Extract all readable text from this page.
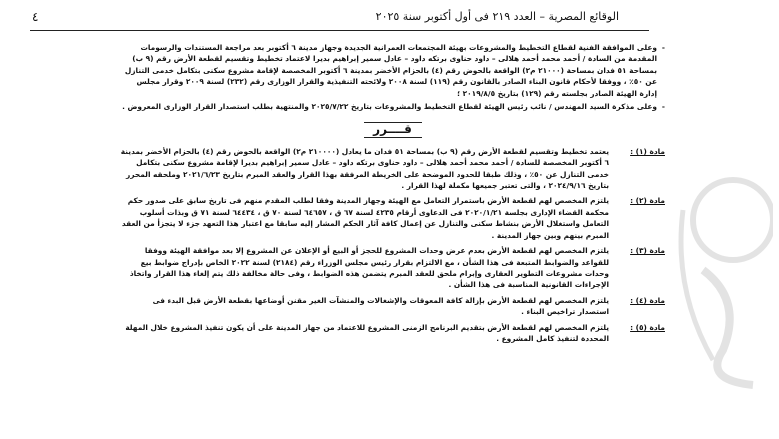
٤	الوقائع المصرية – العدد ٢١٩ فى أول أكتوبر سنة ٢٠٢٥

- وعلى الموافقة الفنية لقطاع التخطيط والمشروعات بهيئة المجتمعات العمرانية الجديدة وجهاز مدينة ٦ أكتوبر بعد مراجعة المستندات والرسومات المقدمة من السادة / أحمد محمد أحمد هلالى – داود حناوى برتكه داود – عادل سمير إبراهيم بديرا لاعتماد تخطيط وتقسيم لقطعة الأرض رقم (٩ ب) بمساحة ٥١ فدان بمساحة (٢١٠٠٠ م٢) الواقعة بالحوض رقم (٤) بالحزام الأخضر بمدينة ٦ أكتوبر المخصصة لإقامة مشروع سكنى بتكامل خدمى التنازل عن ٥٠٪ ، ووفقا لأحكام قانون البناء الصادر بالقانون رقم (١١٩) لسنة ٢٠٠٨ ولائحته التنفيذية والقرار الوزارى رقم (٢٣٢) لسنة ٢٠٠٩ وقرار مجلس إدارة الهيئة الصادر بجلسته رقم (١٢٩) بتاريخ ٢٠١٩/٨/٥ ؛

- وعلى مذكرة السيد المهندس / نائب رئيس الهيئة لقطاع التخطيط والمشروعات بتاريخ ٢٠٢٥/٧/٢٢ والمنتهية بطلب استصدار القرار الوزارى المعروض .

قــــرر
مادة (١) :
يعتمد تخطيط وتقسيم لقطعة الأرض رقم (٩ ب) بمساحة ٥١ فدان ما يعادل (٢١٠٠٠٠ م٢) الواقعة بالحوض رقم (٤) بالحزام الأخضر بمدينة ٦ أكتوبر المخصصة للسادة / أحمد محمد أحمد هلالى – داود حناوى برتكه داود – عادل سمير إبراهيم بديرا لإقامة مشروع سكنى بتكامل خدمى التنازل عن ٥٠٪ ، وذلك طبقا للحدود الموضحة على الخريطة المرفقة بهذا القرار والعقد المبرم بتاريخ ٢٠٢١/٦/٢٣ وملحقه المحرر بتاريخ ٢٠٢٤/٩/١٦ ، والتى تعتبر جميعها مكملة لهذا القرار .
مادة (٢) :
يلتزم المخصص لهم لقطعة الأرض باستمرار التعامل مع الهيئة وجهاز المدينة وفقا لطلب المقدم منهم فى تاريخ سابق على صدور حكم محكمة القضاء الإدارى بجلسة ٢٠٢٠/١/٢١ فى الدعاوى أرقام ٤٢٣٥ لسنة ٦٧ ق ، ٦٤٦٥٧ لسنة ٧٠ ق ، ٦٤٤٣٤ لسنة ٧١ ق وبذات أسلوب التعامل واستغلال الأرض بنشاط سكنى والتنازل عن إعمال كافة آثار الحكم المشار إليه سابقا مع اعتبار هذا التعهد جزء لا يتجزأ من العقد المبرم بينهم وبين جهاز المدينة .
مادة (٣) :
يلتزم المخصص لهم لقطعة الأرض بعدم عرض وحدات المشروع للحجز أو البيع أو الإعلان عن المشروع إلا بعد موافقة الهيئة ووفقا للقواعد والضوابط المتبعة فى هذا الشأن ، مع الالتزام بقرار رئيس مجلس الوزراء رقم (٢١٨٤) لسنة ٢٠٢٢ الخاص بإدراج ضوابط بيع وحدات مشروعات التطوير العقارى وإبرام ملحق للعقد المبرم يتضمن هذه الضوابط ، وفى حالة مخالفة ذلك يتم إلغاء هذا القرار واتخاذ الإجراءات القانونية المناسبة فى هذا الشأن .
مادة (٤) :
يلتزم المخصص لهم لقطعة الأرض بإزالة كافة المعوقات والإشغالات والمنشآت الغير مقنن أوضاعها بقطعة الأرض قبل البدء فى استصدار تراخيص البناء .
مادة (٥) :
يلتزم المخصص لهم لقطعة الأرض بتقديم البرنامج الزمنى المشروع للاعتماد من جهاز المدينة على أن يكون تنفيذ المشروع خلال المهلة المحددة لتنفيذ كامل المشروع .
